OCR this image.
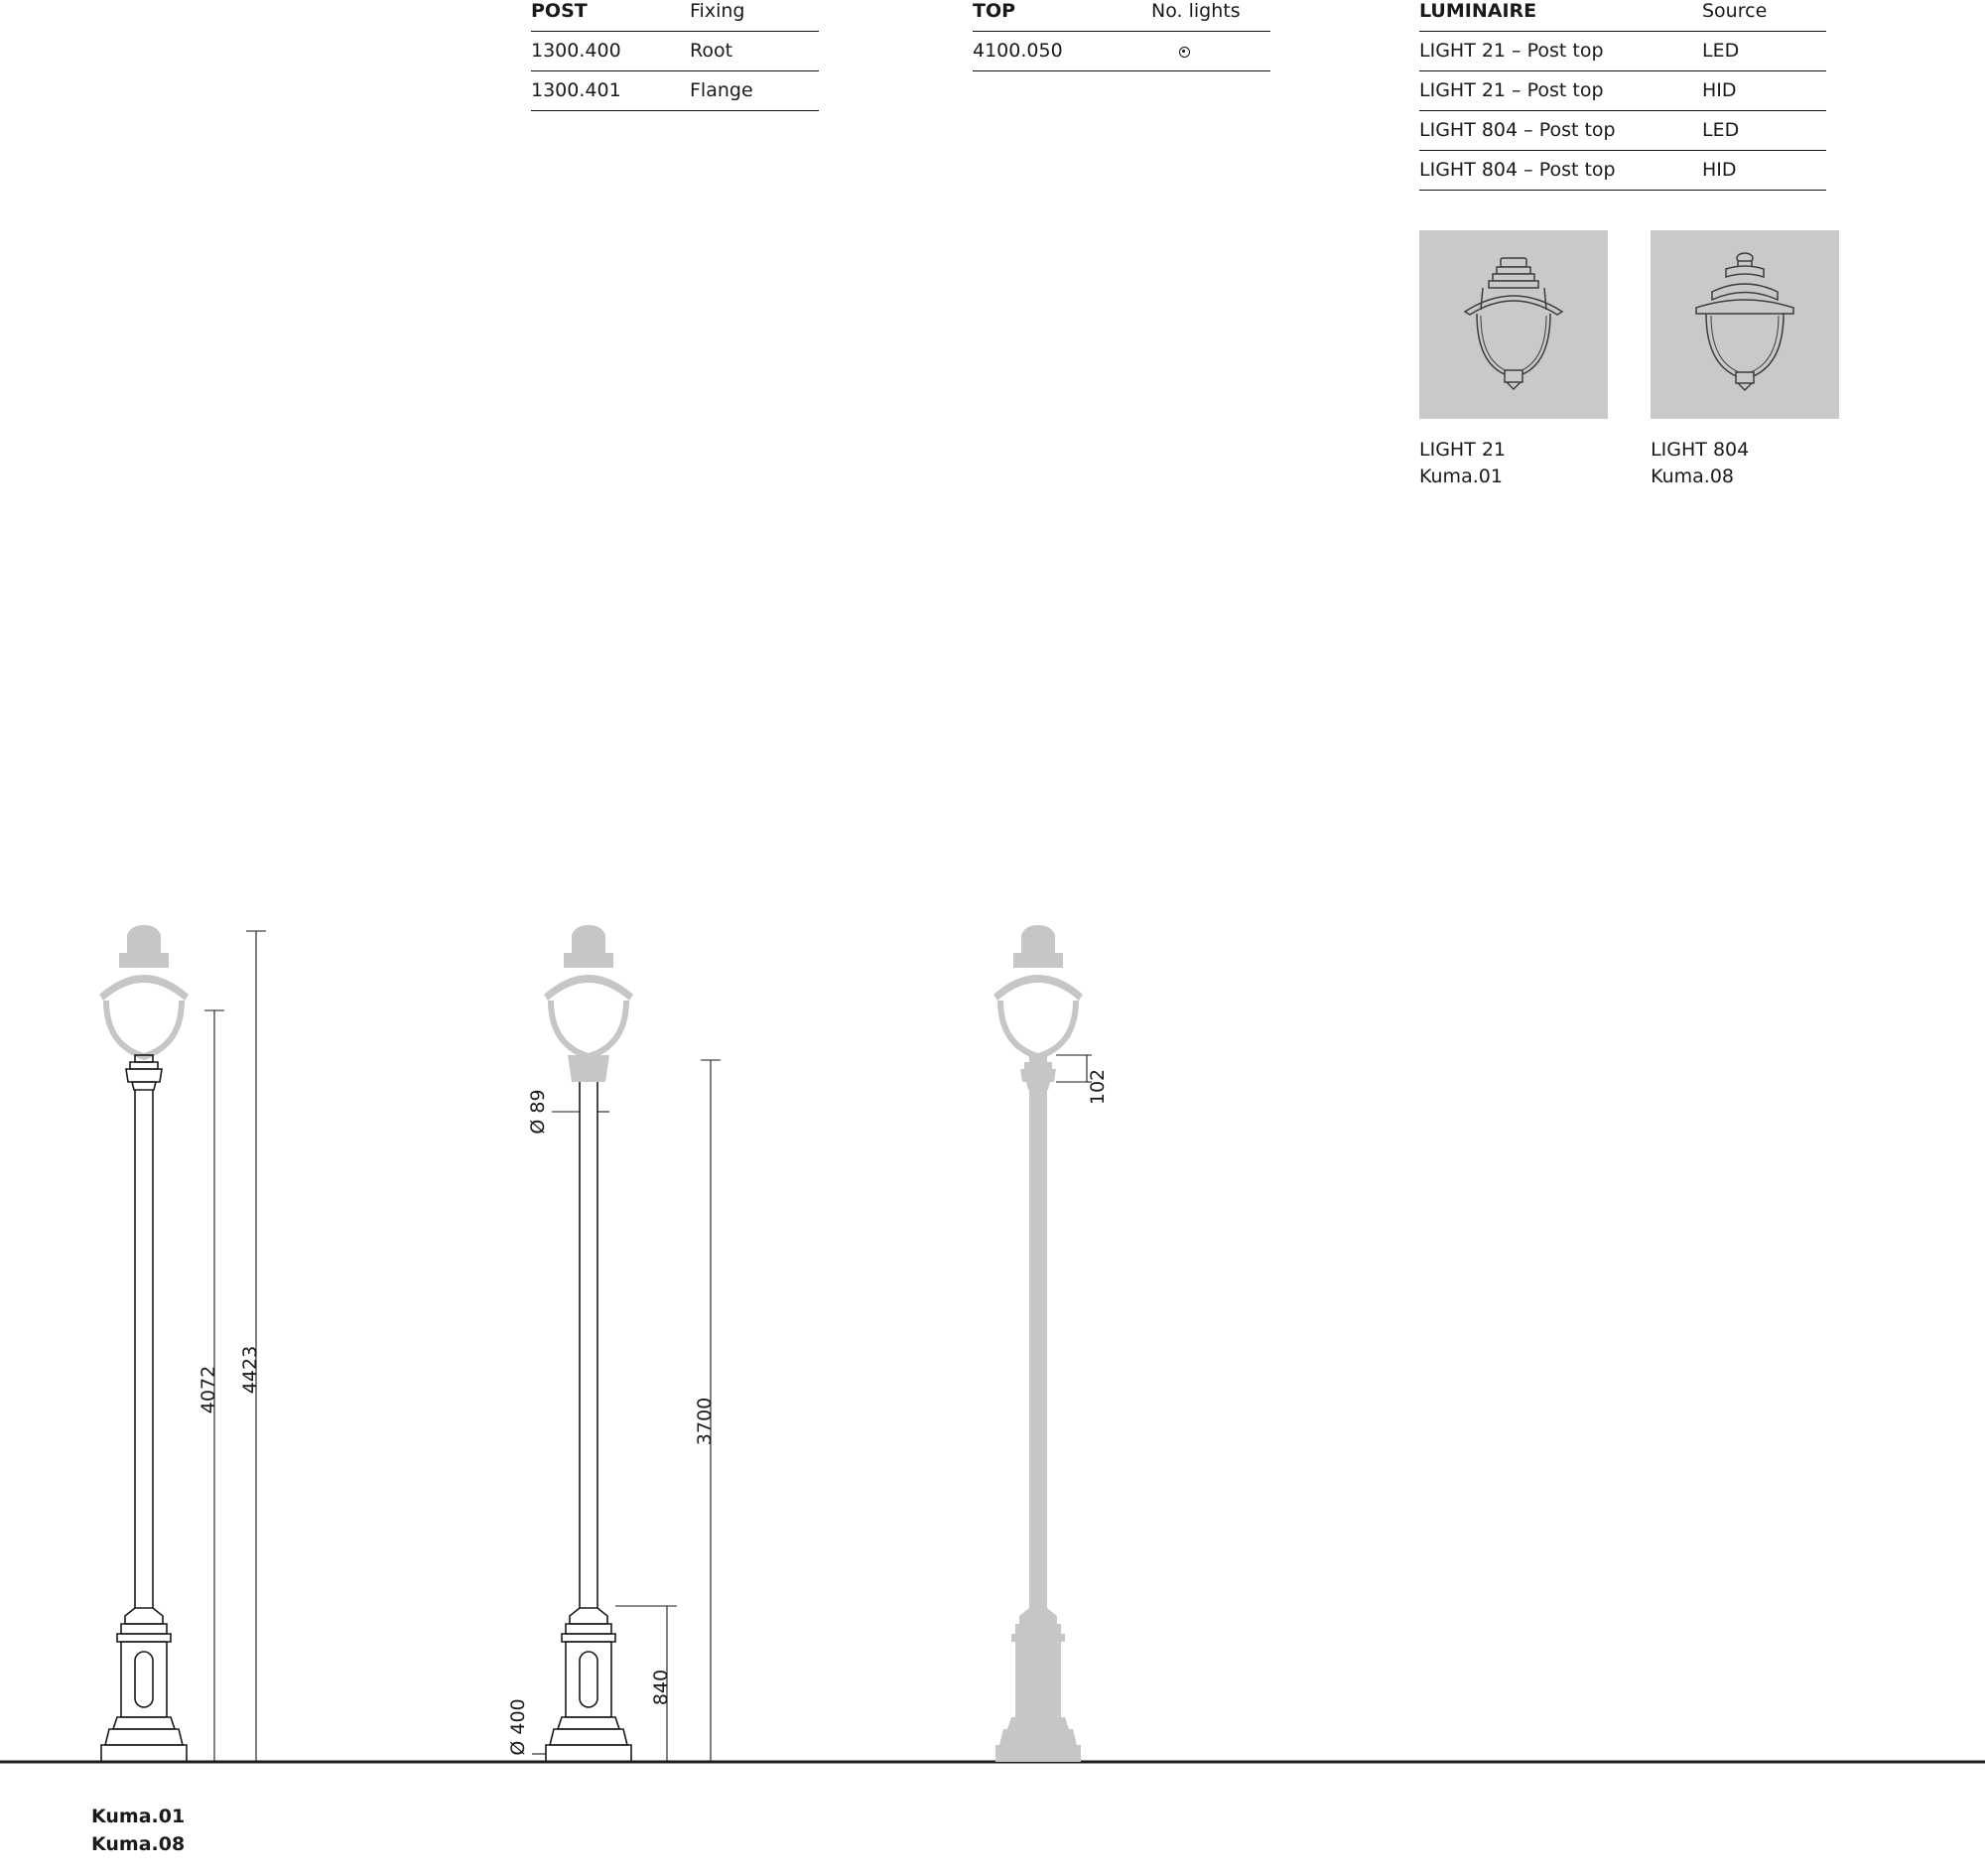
POST	Fixing
1300.400	Root
1300.401	Flange
TOP	No. lights
4100.050	
LUMINAIRE	Source
LIGHT 21 – Post top	LED
LIGHT 21 – Post top	HID
LIGHT 804 – Post top	LED
LIGHT 804 – Post top	HID
LIGHT 21
Kuma.01

LIGHT 804
Kuma.08
4072 4423
Ø 89
Ø 400
840
3700
102
Kuma.01
Kuma.08
